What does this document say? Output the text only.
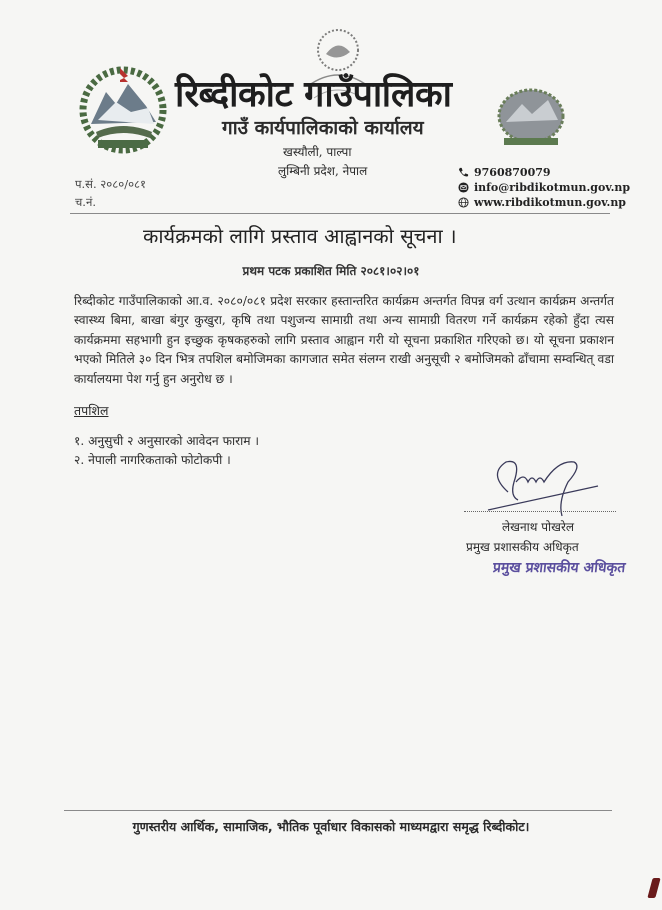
रिब्दीकोट गाउँपालिका
गाउँ कार्यपालिकाको कार्यालय
खस्यौली, पाल्पा
लुम्बिनी प्रदेश, नेपाल	9760870079
info@ribdikotmun.gov.np
www.ribdikotmun.gov.np
प.सं. २०८०/०८१
च.नं.
कार्यक्रमको लागि प्रस्ताव आह्वानको सूचना ।
प्रथम पटक प्रकाशित मिति २०८१।०२।०१
रिब्दीकोट गाउँपालिकाको आ.व. २०८०/०८१ प्रदेश सरकार हस्तान्तरित कार्यक्रम अन्तर्गत विपन्न वर्ग उत्थान कार्यक्रम अन्तर्गत स्वास्थ्य बिमा, बाखा बंगुर कुखुरा, कृषि तथा पशुजन्य सामाग्री तथा अन्य सामाग्री वितरण गर्ने कार्यक्रम रहेको हुँदा त्यस कार्यक्रममा सहभागी हुन इच्छुक कृषकहरुको लागि प्रस्ताव आह्वान गरी यो सूचना प्रकाशित गरिएको छ। यो सूचना प्रकाशन भएको मितिले ३० दिन भित्र तपशिल बमोजिमका कागजात समेत संलग्न राखी अनुसूची २ बमोजिमको ढाँचामा सम्वन्धित् वडा कार्यालयमा पेश गर्नु हुन अनुरोध छ ।
तपशिल
१. अनुसुची २ अनुसारको आवेदन फाराम ।
२. नेपाली नागरिकताको फोटोकपी ।
लेखनाथ पोखरेल
प्रमुख प्रशासकीय अधिकृत
प्रमुख प्रशासकीय अधिकृत
गुणस्तरीय आर्थिक, सामाजिक, भौतिक पूर्वाधार विकासको माध्यमद्वारा समृद्ध रिब्दीकोट।
